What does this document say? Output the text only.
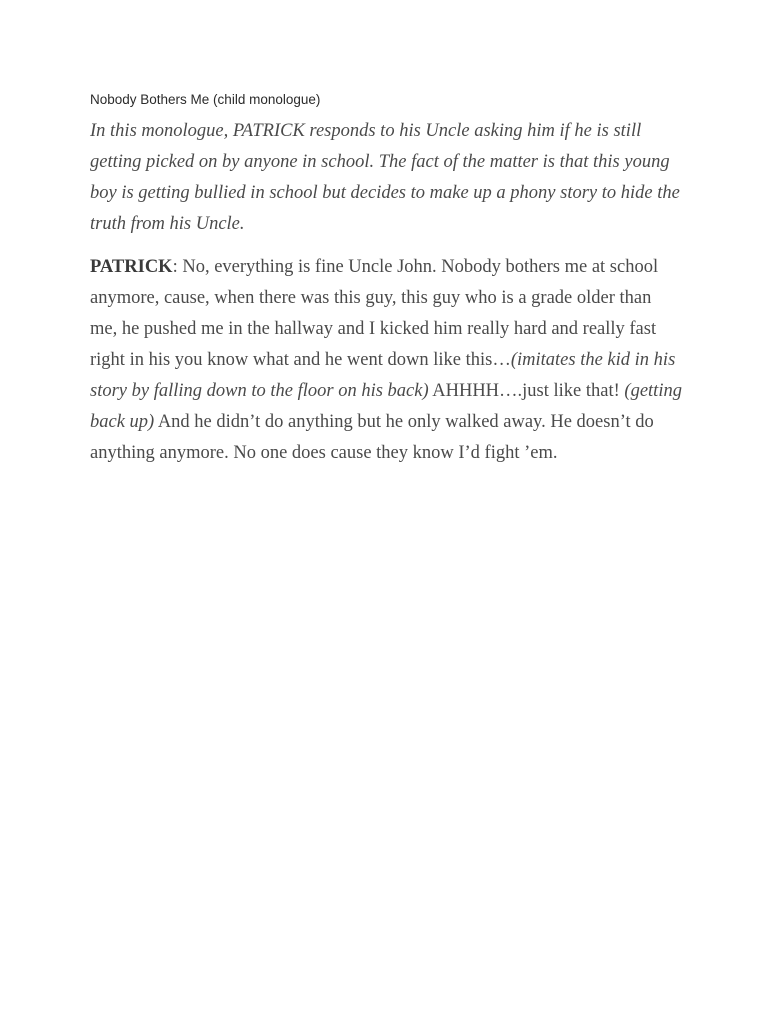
Nobody Bothers Me (child monologue)

In this monologue, PATRICK responds to his Uncle asking him if he is still getting picked on by anyone in school. The fact of the matter is that this young boy is getting bullied in school but decides to make up a phony story to hide the truth from his Uncle.

PATRICK: No, everything is fine Uncle John. Nobody bothers me at school anymore, cause, when there was this guy, this guy who is a grade older than me, he pushed me in the hallway and I kicked him really hard and really fast right in his you know what and he went down like this…(imitates the kid in his story by falling down to the floor on his back) AHHHH….just like that! (getting back up) And he didn’t do anything but he only walked away. He doesn’t do anything anymore. No one does cause they know I’d fight ’em.
